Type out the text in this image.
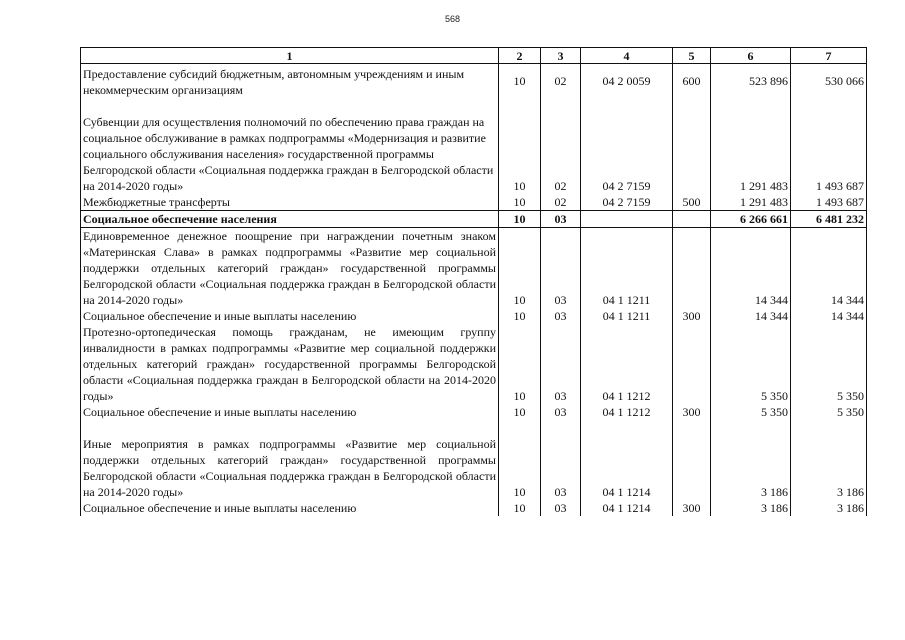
568
1	2	3	4	5	6	7
Предоставление субсидий бюджетным, автономным учреждениям и иным некоммерческим организациям	10	02	04 2 0059	600	523 896	530 066

Субвенции для осуществления полномочий по обеспечению права граждан на социальное обслуживание в рамках подпрограммы «Модернизация и развитие социального обслуживания населения» государственной программы Белгородской области «Социальная поддержка граждан в Белгородской области на 2014-2020 годы»	10	02	04 2 7159		1 291 483	1 493 687
Межбюджетные трансферты	10	02	04 2 7159	500	1 291 483	1 493 687
Социальное обеспечение населения	10	03			6 266 661	6 481 232
Единовременное денежное поощрение при награждении почетным знаком «Материнская Слава» в рамках подпрограммы «Развитие мер социальной поддержки отдельных категорий граждан» государственной программы Белгородской области «Социальная поддержка граждан в Белгородской области на 2014-2020 годы»	10	03	04 1 1211		14 344	14 344
Социальное обеспечение и иные выплаты населению	10	03	04 1 1211	300	14 344	14 344
Протезно-ортопедическая помощь гражданам, не имеющим группу инвалидности в рамках подпрограммы «Развитие мер социальной поддержки отдельных категорий граждан» государственной программы Белгородской области «Социальная поддержка граждан в Белгородской области на 2014-2020 годы»	10	03	04 1 1212		5 350	5 350
Социальное обеспечение и иные выплаты населению	10	03	04 1 1212	300	5 350	5 350

Иные мероприятия в рамках подпрограммы «Развитие мер социальной поддержки отдельных категорий граждан» государственной программы Белгородской области «Социальная поддержка граждан в Белгородской области на 2014-2020 годы»	10	03	04 1 1214		3 186	3 186
Социальное обеспечение и иные выплаты населению	10	03	04 1 1214	300	3 186	3 186
